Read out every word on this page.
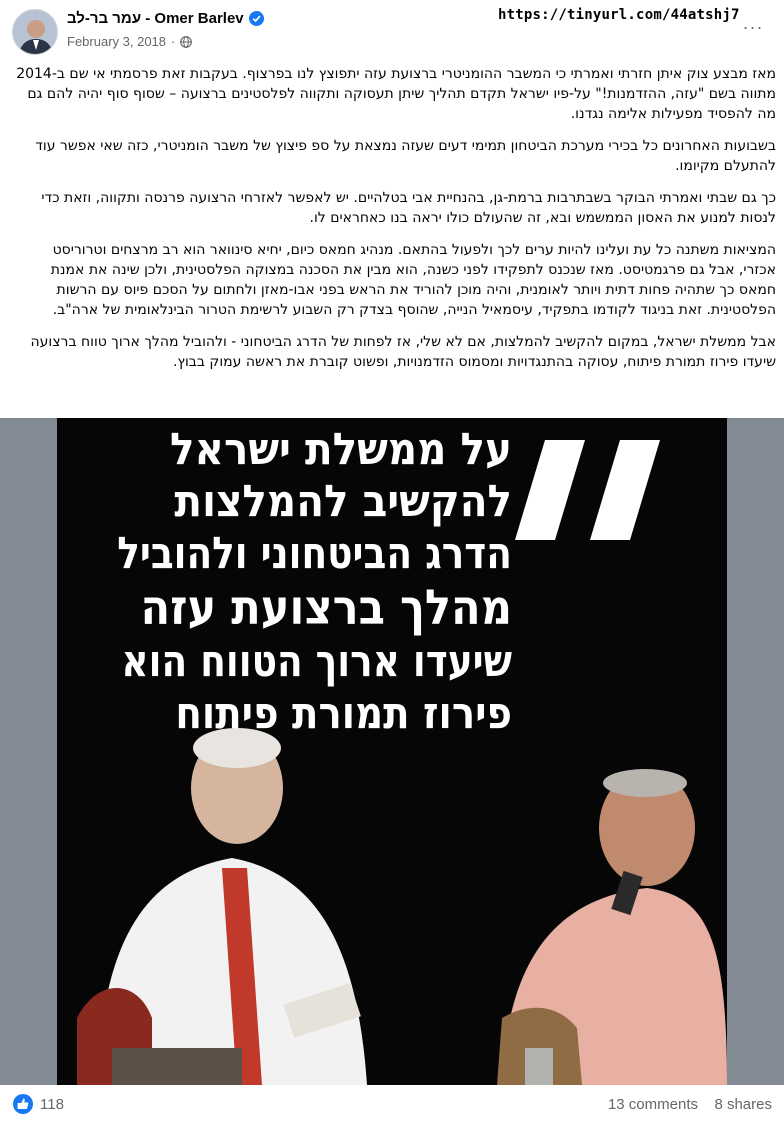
עמר בר-לב - Omer Barlev
February 3, 2018 ·
https://tinyurl.com/44atshj7
···

מאז מבצע צוק איתן חזרתי ואמרתי כי המשבר ההומניטרי ברצועת עזה יתפוצץ לנו בפרצוף. בעקבות זאת פרסמתי אי שם ב-2014 מתווה בשם "עזה, ההזדמנות!" על-פיו ישראל תקדם תהליך שיתן תעסוקה ותקווה לפלסטינים ברצועה – שסוף סוף יהיה להם גם מה להפסיד מפעילות אלימה נגדנו.

בשבועות האחרונים כל בכירי מערכת הביטחון תמימי דעים שעזה נמצאת על ספ פיצוץ של משבר הומניטרי, כזה שאי אפשר עוד להתעלם מקיומו.

כך גם שבתי ואמרתי הבוקר בשבתרבות ברמת-גן, בהנחיית אבי בטלהיים. יש לאפשר לאזרחי הרצועה פרנסה ותקווה, וזאת כדי לנסות למנוע את האסון הממשמש ובא, זה שהעולם כולו יראה בנו כאחראים לו.

המציאות משתנה כל עת ועלינו להיות ערים לכך ולפעול בהתאם. מנהיג חמאס כיום, יחיא סינוואר הוא רב מרצחים וטרוריסט אכזרי, אבל גם פרגמטיסט. מאז שנכנס לתפקידו לפני כשנה, הוא מבין את הסכנה במצוקה הפלסטינית, ולכן שינה את אמנת חמאס כך שתהיה פחות דתית ויותר לאומנית, והיה מוכן להוריד את הראש בפני אבו-מאזן ולחתום על הסכם פיוס עם הרשות הפלסטינית. זאת בניגוד לקודמו בתפקיד, עיסמאיל הנייה, שהוסף בצדק רק השבוע לרשימת הטרור הבינלאומית של ארה"ב.

אבל ממשלת ישראל, במקום להקשיב להמלצות, אם לא שלי, אז לפחות של הדרג הביטחוני - ולהוביל מהלך ארוך טווח ברצועה שיעדו פירוז תמורת פיתוח, עסוקה בהתנגדויות ומסמוס הזדמנויות, ופשוט קוברת את ראשה עמוק בבוץ.

על ממשלת ישראל
להקשיב להמלצות
הדרג הביטחוני ולהוביל
מהלך ברצועת עזה
שיעדו ארוך הטווח הוא
פירוז תמורת פיתוח
118	13 comments 8 shares
